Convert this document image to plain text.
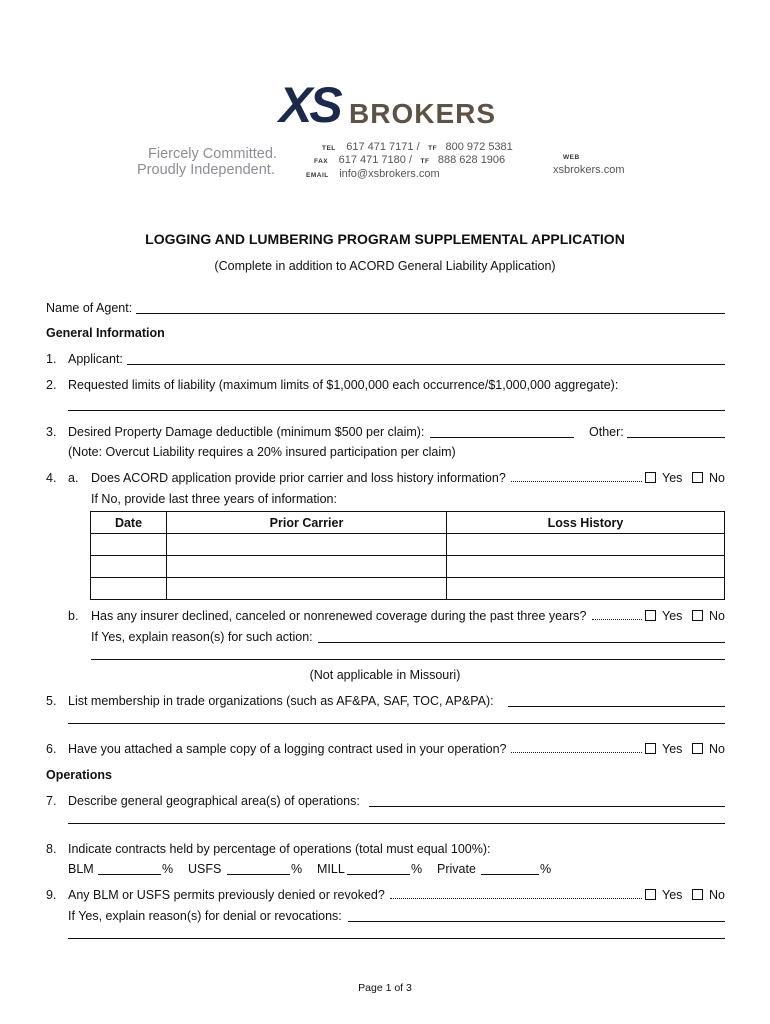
XS BROKERS
Fiercely Committed.
Proudly Independent.
TEL 617 471 7171 / TF 800 972 5381
FAX 617 471 7180 / TF 888 628 1906
EMAIL info@xsbrokers.com
WEB
xsbrokers.com
LOGGING AND LUMBERING PROGRAM SUPPLEMENTAL APPLICATION
(Complete in addition to ACORD General Liability Application)
Name of Agent:
General Information
1. Applicant:
2. Requested limits of liability (maximum limits of $1,000,000 each occurrence/$1,000,000 aggregate):
3. Desired Property Damage deductible (minimum $500 per claim):	Other:
(Note: Overcut Liability requires a 20% insured participation per claim)
4. a. Does ACORD application provide prior carrier and loss history information?	Yes No
If No, provide last three years of information:
Date	Prior Carrier	Loss History

b. Has any insurer declined, canceled or nonrenewed coverage during the past three years?	Yes No
If Yes, explain reason(s) for such action:
(Not applicable in Missouri)
5. List membership in trade organizations (such as AF&PA, SAF, TOC, AP&PA):
6. Have you attached a sample copy of a logging contract used in your operation?	Yes No
Operations
7. Describe general geographical area(s) of operations:
8. Indicate contracts held by percentage of operations (total must equal 100%):
BLM	% USFS	% MILL	% Private	%
9. Any BLM or USFS permits previously denied or revoked?	Yes No
If Yes, explain reason(s) for denial or revocations:
Page 1 of 3
